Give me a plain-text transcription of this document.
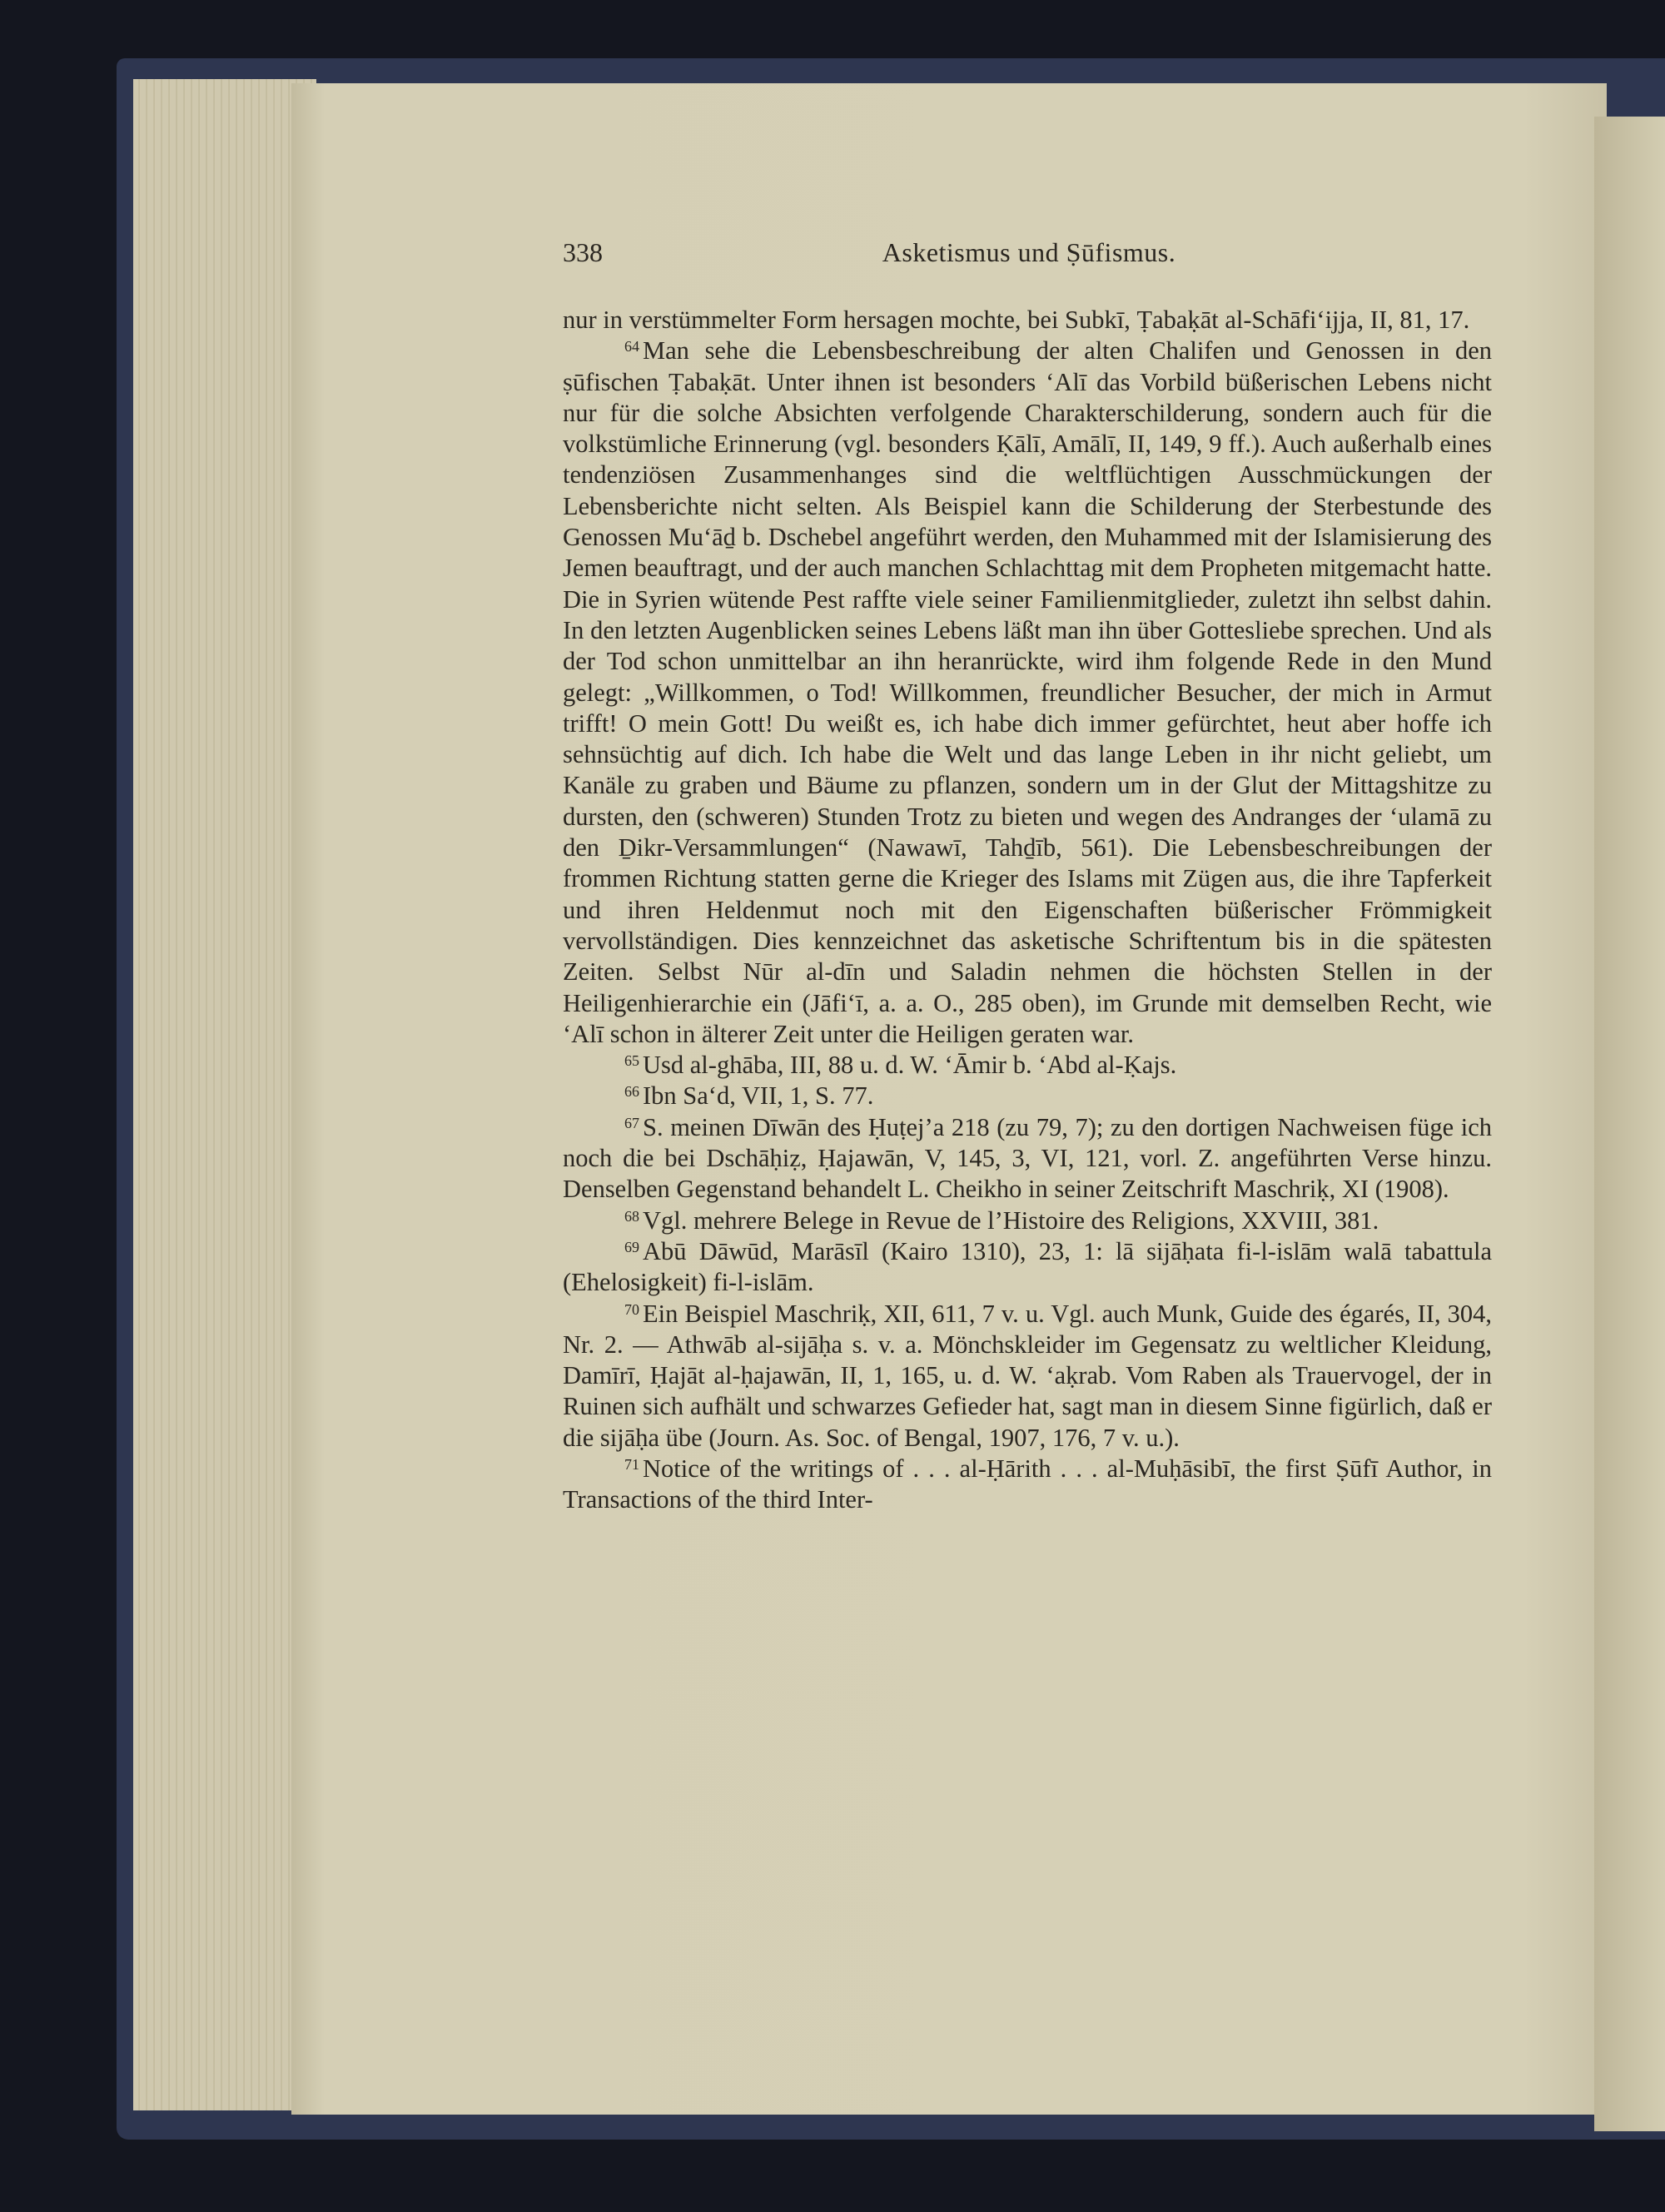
338	Asketismus und Ṣūfismus.

nur in verstümmelter Form hersagen mochte, bei Subkī, Ṭabaḳāt al-Schāfi‘ijja, II, 81, 17.

$^{64}$ Man sehe die Lebensbeschreibung der alten Chalifen und Genossen in den ṣūfischen Ṭabaḳāt. Unter ihnen ist besonders ‘Alī das Vorbild büßerischen Lebens nicht nur für die solche Absichten verfolgende Charakterschilderung, sondern auch für die volkstümliche Erinnerung (vgl. besonders Ḳālī, Amālī, II, 149, 9 ff.). Auch außerhalb eines tendenziösen Zusammenhanges sind die weltflüchtigen Ausschmückungen der Lebensberichte nicht selten. Als Beispiel kann die Schilderung der Sterbestunde des Genossen Mu‘āḏ b. Dschebel angeführt werden, den Muhammed mit der Islamisierung des Jemen beauftragt, und der auch manchen Schlachttag mit dem Propheten mitgemacht hatte. Die in Syrien wütende Pest raffte viele seiner Familienmitglieder, zuletzt ihn selbst dahin. In den letzten Augenblicken seines Lebens läßt man ihn über Gottesliebe sprechen. Und als der Tod schon unmittelbar an ihn heranrückte, wird ihm folgende Rede in den Mund gelegt: „Willkommen, o Tod! Willkommen, freundlicher Besucher, der mich in Armut trifft! O mein Gott! Du weißt es, ich habe dich immer gefürchtet, heut aber hoffe ich sehnsüchtig auf dich. Ich habe die Welt und das lange Leben in ihr nicht geliebt, um Kanäle zu graben und Bäume zu pflanzen, sondern um in der Glut der Mittagshitze zu dursten, den (schweren) Stunden Trotz zu bieten und wegen des Andranges der ‘ulamā zu den Ḏikr-Versammlungen“ (Nawawī, Tahḏīb, 561). Die Lebensbeschreibungen der frommen Richtung statten gerne die Krieger des Islams mit Zügen aus, die ihre Tapferkeit und ihren Heldenmut noch mit den Eigenschaften büßerischer Frömmigkeit vervollständigen. Dies kennzeichnet das asketische Schriftentum bis in die spätesten Zeiten. Selbst Nūr al-dīn und Saladin nehmen die höchsten Stellen in der Heiligenhierarchie ein (Jāfi‘ī, a. a. O., 285 oben), im Grunde mit demselben Recht, wie ‘Alī schon in älterer Zeit unter die Heiligen geraten war.

$^{65}$ Usd al-ghāba, III, 88 u. d. W. ‘Āmir b. ‘Abd al-Ḳajs.

$^{66}$ Ibn Sa‘d, VII, 1, S. 77.

$^{67}$ S. meinen Dīwān des Ḥuṭej’a 218 (zu 79, 7); zu den dortigen Nachweisen füge ich noch die bei Dschāḥiẓ, Ḥajawān, V, 145, 3, VI, 121, vorl. Z. angeführten Verse hinzu. Denselben Gegenstand behandelt L. Cheikho in seiner Zeitschrift Maschriḳ, XI (1908).

$^{68}$ Vgl. mehrere Belege in Revue de l’Histoire des Religions, XXVIII, 381.

$^{69}$ Abū Dāwūd, Marāsīl (Kairo 1310), 23, 1: lā sijāḥata fi-l-islām walā tabattula (Ehelosigkeit) fi-l-islām.

$^{70}$ Ein Beispiel Maschriḳ, XII, 611, 7 v. u. Vgl. auch Munk, Guide des égarés, II, 304, Nr. 2. — Athwāb al-sijāḥa s. v. a. Mönchskleider im Gegensatz zu weltlicher Kleidung, Damīrī, Ḥajāt al-ḥajawān, II, 1, 165, u. d. W. ‘aḳrab. Vom Raben als Trauervogel, der in Ruinen sich aufhält und schwarzes Gefieder hat, sagt man in diesem Sinne figürlich, daß er die sijāḥa übe (Journ. As. Soc. of Bengal, 1907, 176, 7 v. u.).

$^{71}$ Notice of the writings of . . . al-Ḥārith . . . al-Muḥāsibī, the first Ṣūfī Author, in Transactions of the third Inter-
